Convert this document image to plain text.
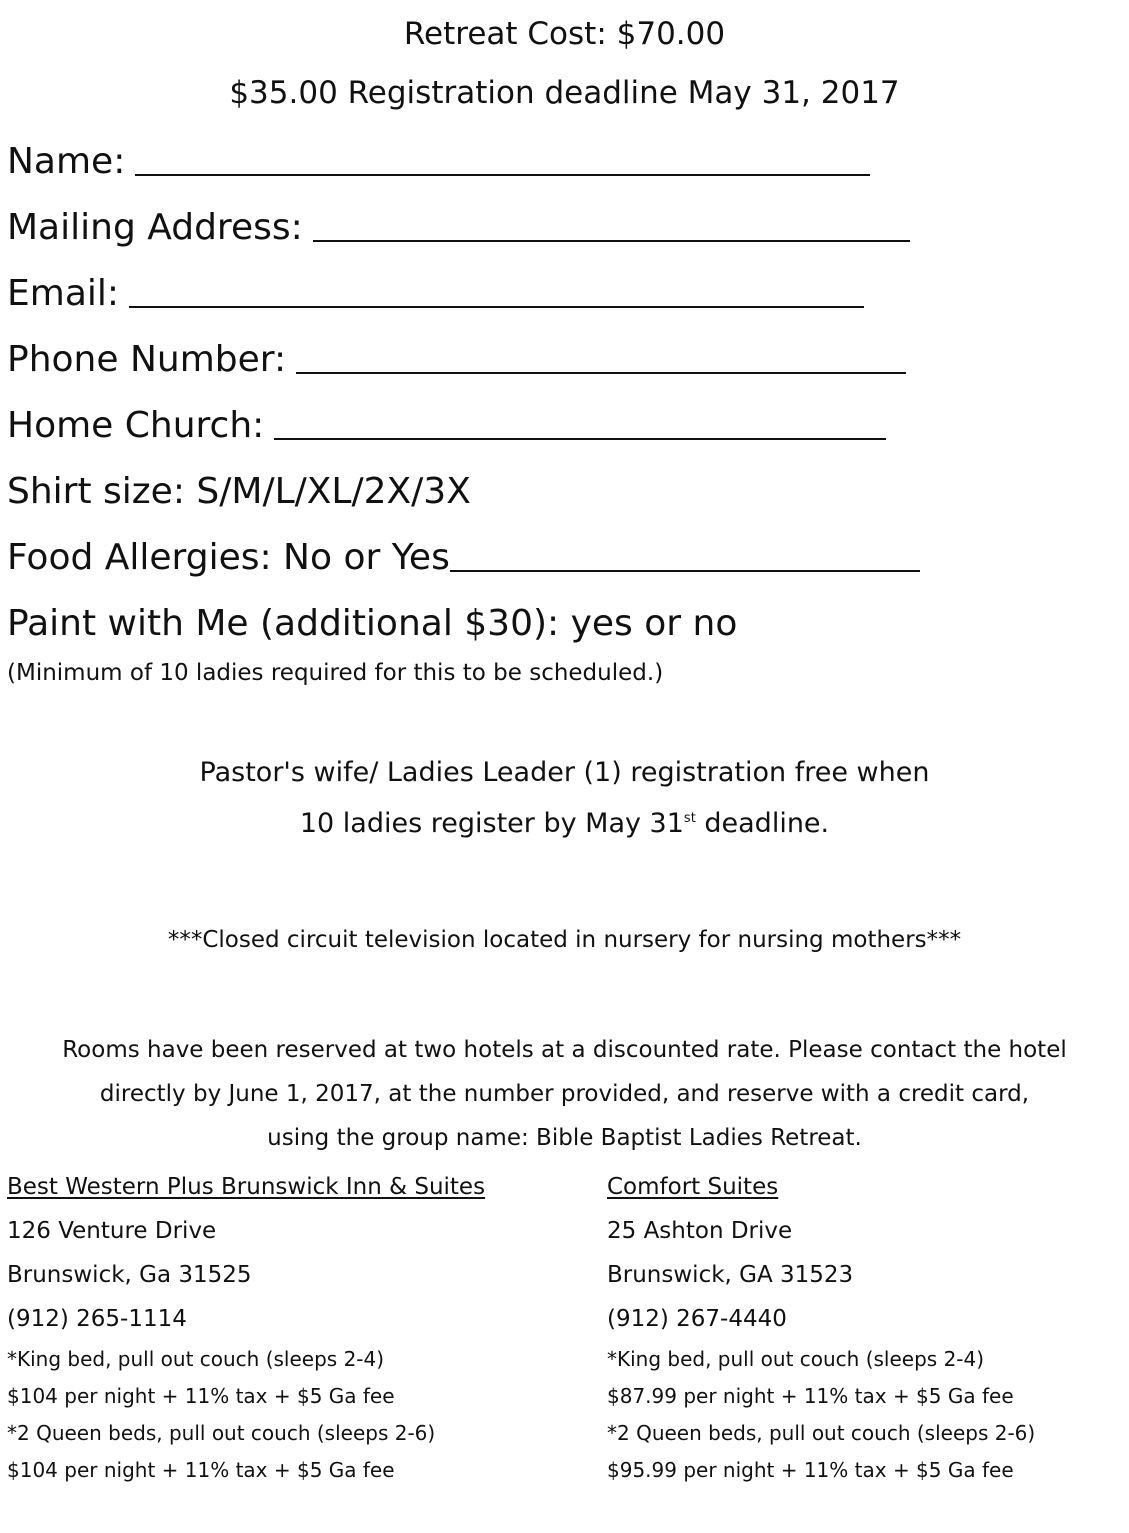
Retreat Cost: $70.00
$35.00 Registration deadline May 31, 2017
Name:
Mailing Address:
Email:
Phone Number:
Home Church:
Shirt size: S/M/L/XL/2X/3X
Food Allergies: No or Yes
Paint with Me (additional $30): yes or no
(Minimum of 10 ladies required for this to be scheduled.)
Pastor's wife/ Ladies Leader (1) registration free when
10 ladies register by May 31st deadline.
***Closed circuit television located in nursery for nursing mothers***
Rooms have been reserved at two hotels at a discounted rate. Please contact the hotel
directly by June 1, 2017, at the number provided, and reserve with a credit card,
using the group name: Bible Baptist Ladies Retreat.
Best Western Plus Brunswick Inn & Suites
126 Venture Drive
Brunswick, Ga 31525
(912) 265-1114
*King bed, pull out couch (sleeps 2-4)
$104 per night + 11% tax + $5 Ga fee
*2 Queen beds, pull out couch (sleeps 2-6)
$104 per night + 11% tax + $5 Ga fee
Comfort Suites
25 Ashton Drive
Brunswick, GA 31523
(912) 267-4440
*King bed, pull out couch (sleeps 2-4)
$87.99 per night + 11% tax + $5 Ga fee
*2 Queen beds, pull out couch (sleeps 2-6)
$95.99 per night + 11% tax + $5 Ga fee
